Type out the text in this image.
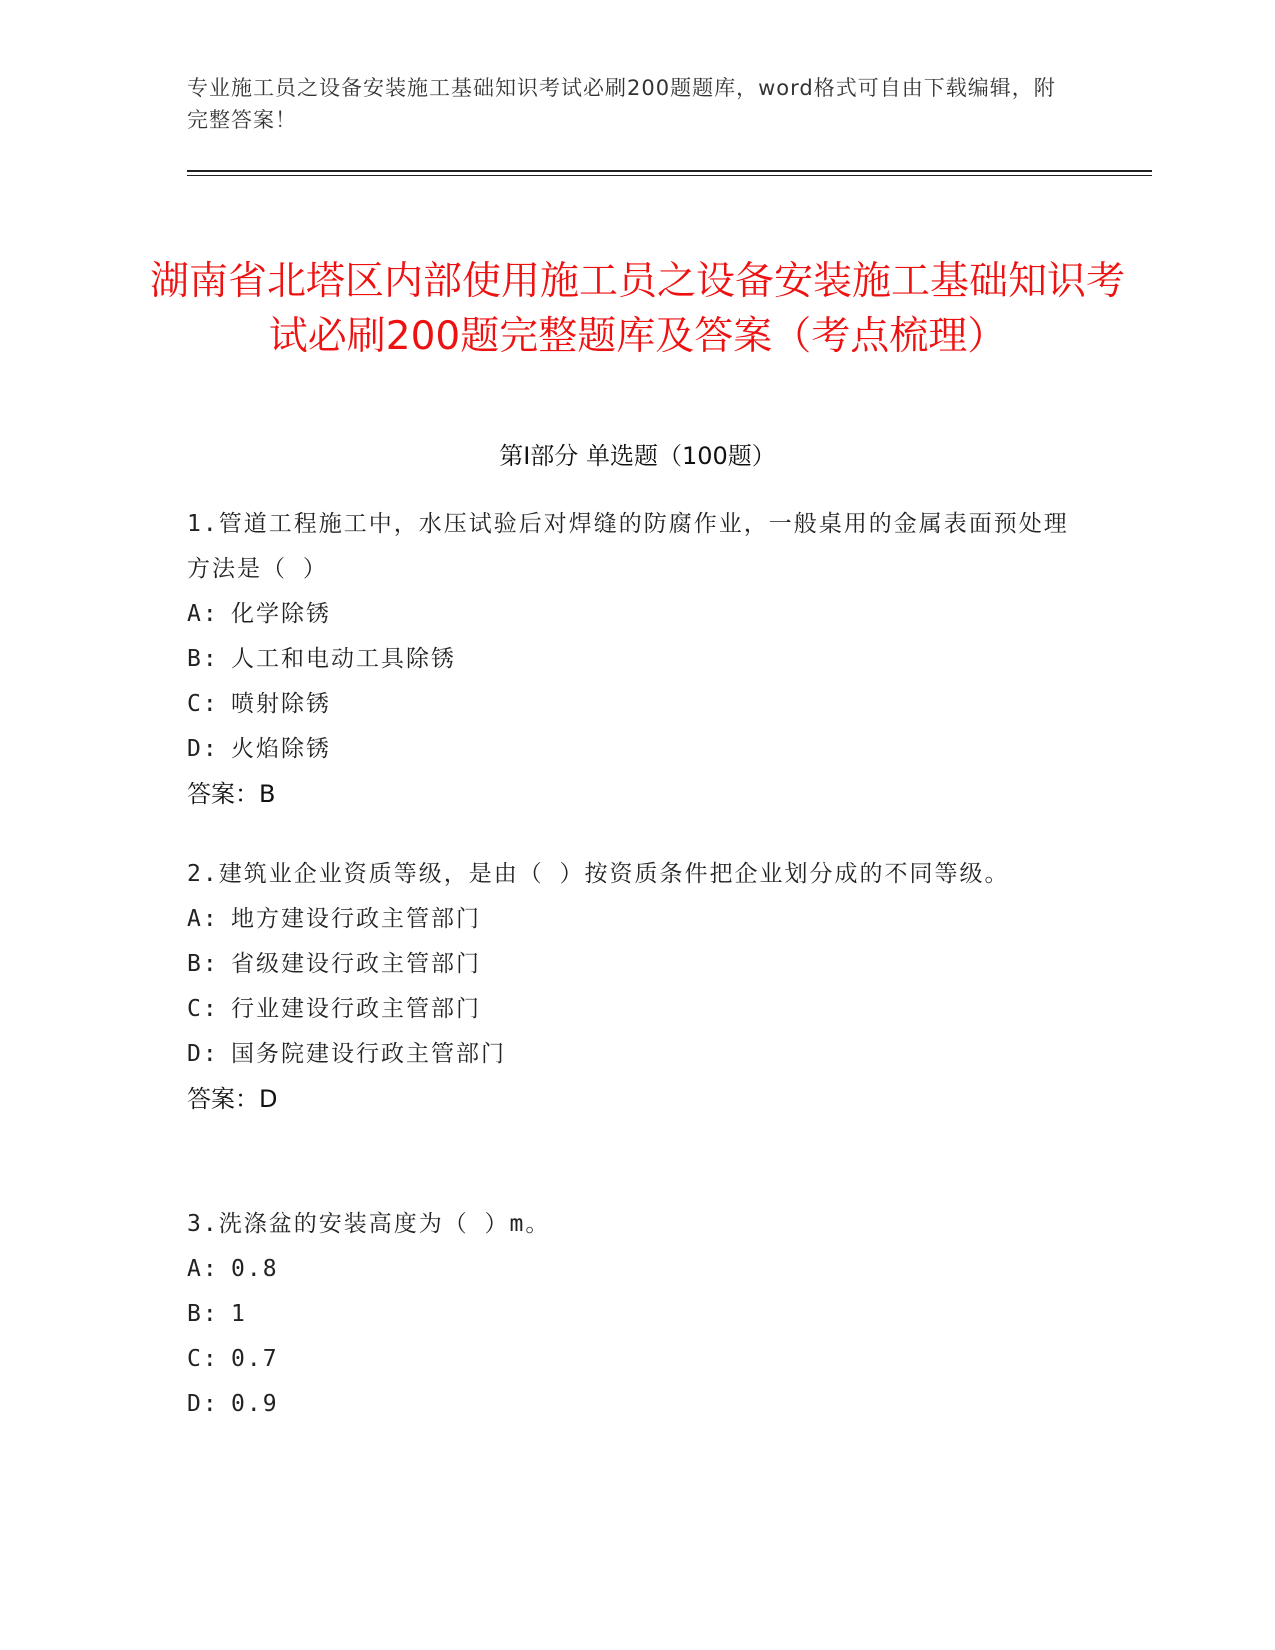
专业施工员之设备安装施工基础知识考试必刷200题题库，word格式可自由下载编辑，附完整答案！
湖南省北塔区内部使用施工员之设备安装施工基础知识考试必刷200题完整题库及答案（考点梳理）
第Ⅰ部分 单选题（100题）

1.管道工程施工中，水压试验后对焊缝的防腐作业，一般桌用的金属表面预处理方法是（ ）

A: 化学除锈

B: 人工和电动工具除锈

C: 喷射除锈

D: 火焰除锈

答案：B

2.建筑业企业资质等级，是由（ ）按资质条件把企业划分成的不同等级。

A: 地方建设行政主管部门

B: 省级建设行政主管部门

C: 行业建设行政主管部门

D: 国务院建设行政主管部门

答案：D

3.洗涤盆的安装高度为（ ）m。

A: 0.8

B: 1

C: 0.7

D: 0.9
